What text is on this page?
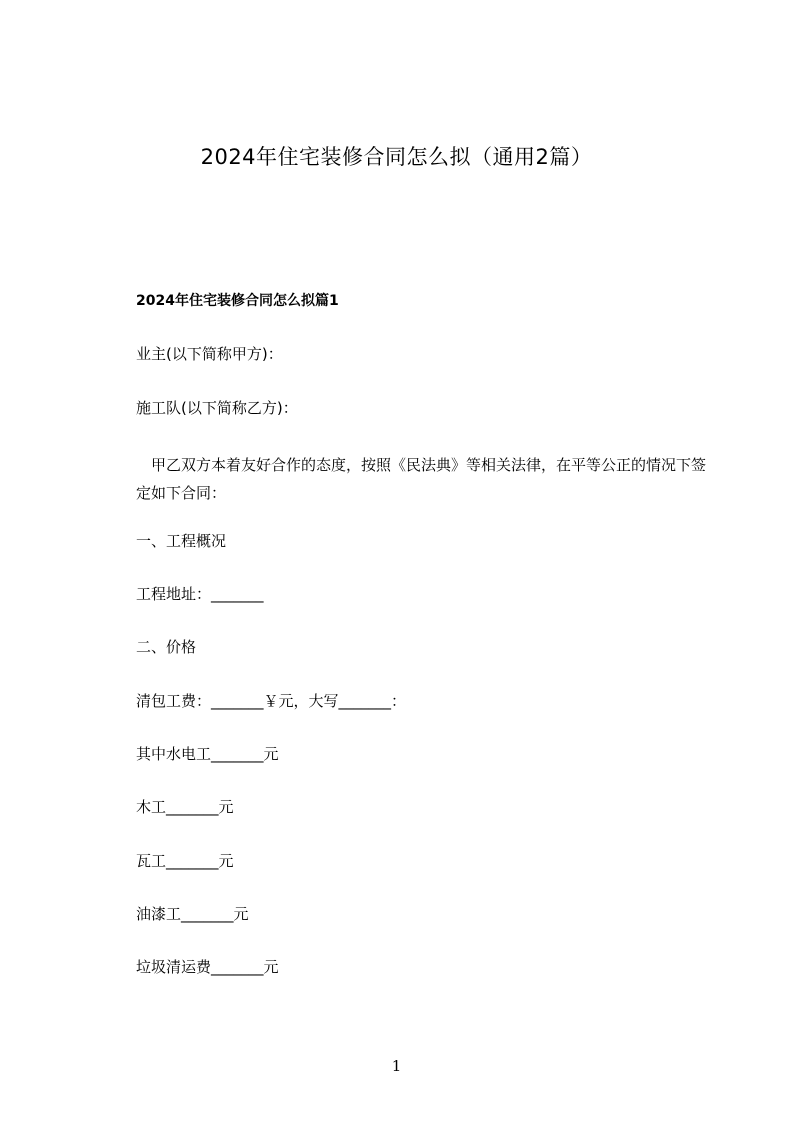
2024年住宅装修合同怎么拟（通用2篇）
2024年住宅装修合同怎么拟篇1

业主(以下简称甲方)：

施工队(以下简称乙方)：

甲乙双方本着友好合作的态度，按照《民法典》等相关法律，在平等公正的情况下签定如下合同：

一、工程概况

工程地址：_______

二、价格

清包工费：_______￥元，大写_______：

其中水电工_______元

木工_______元

瓦工_______元

油漆工_______元

垃圾清运费_______元

1
